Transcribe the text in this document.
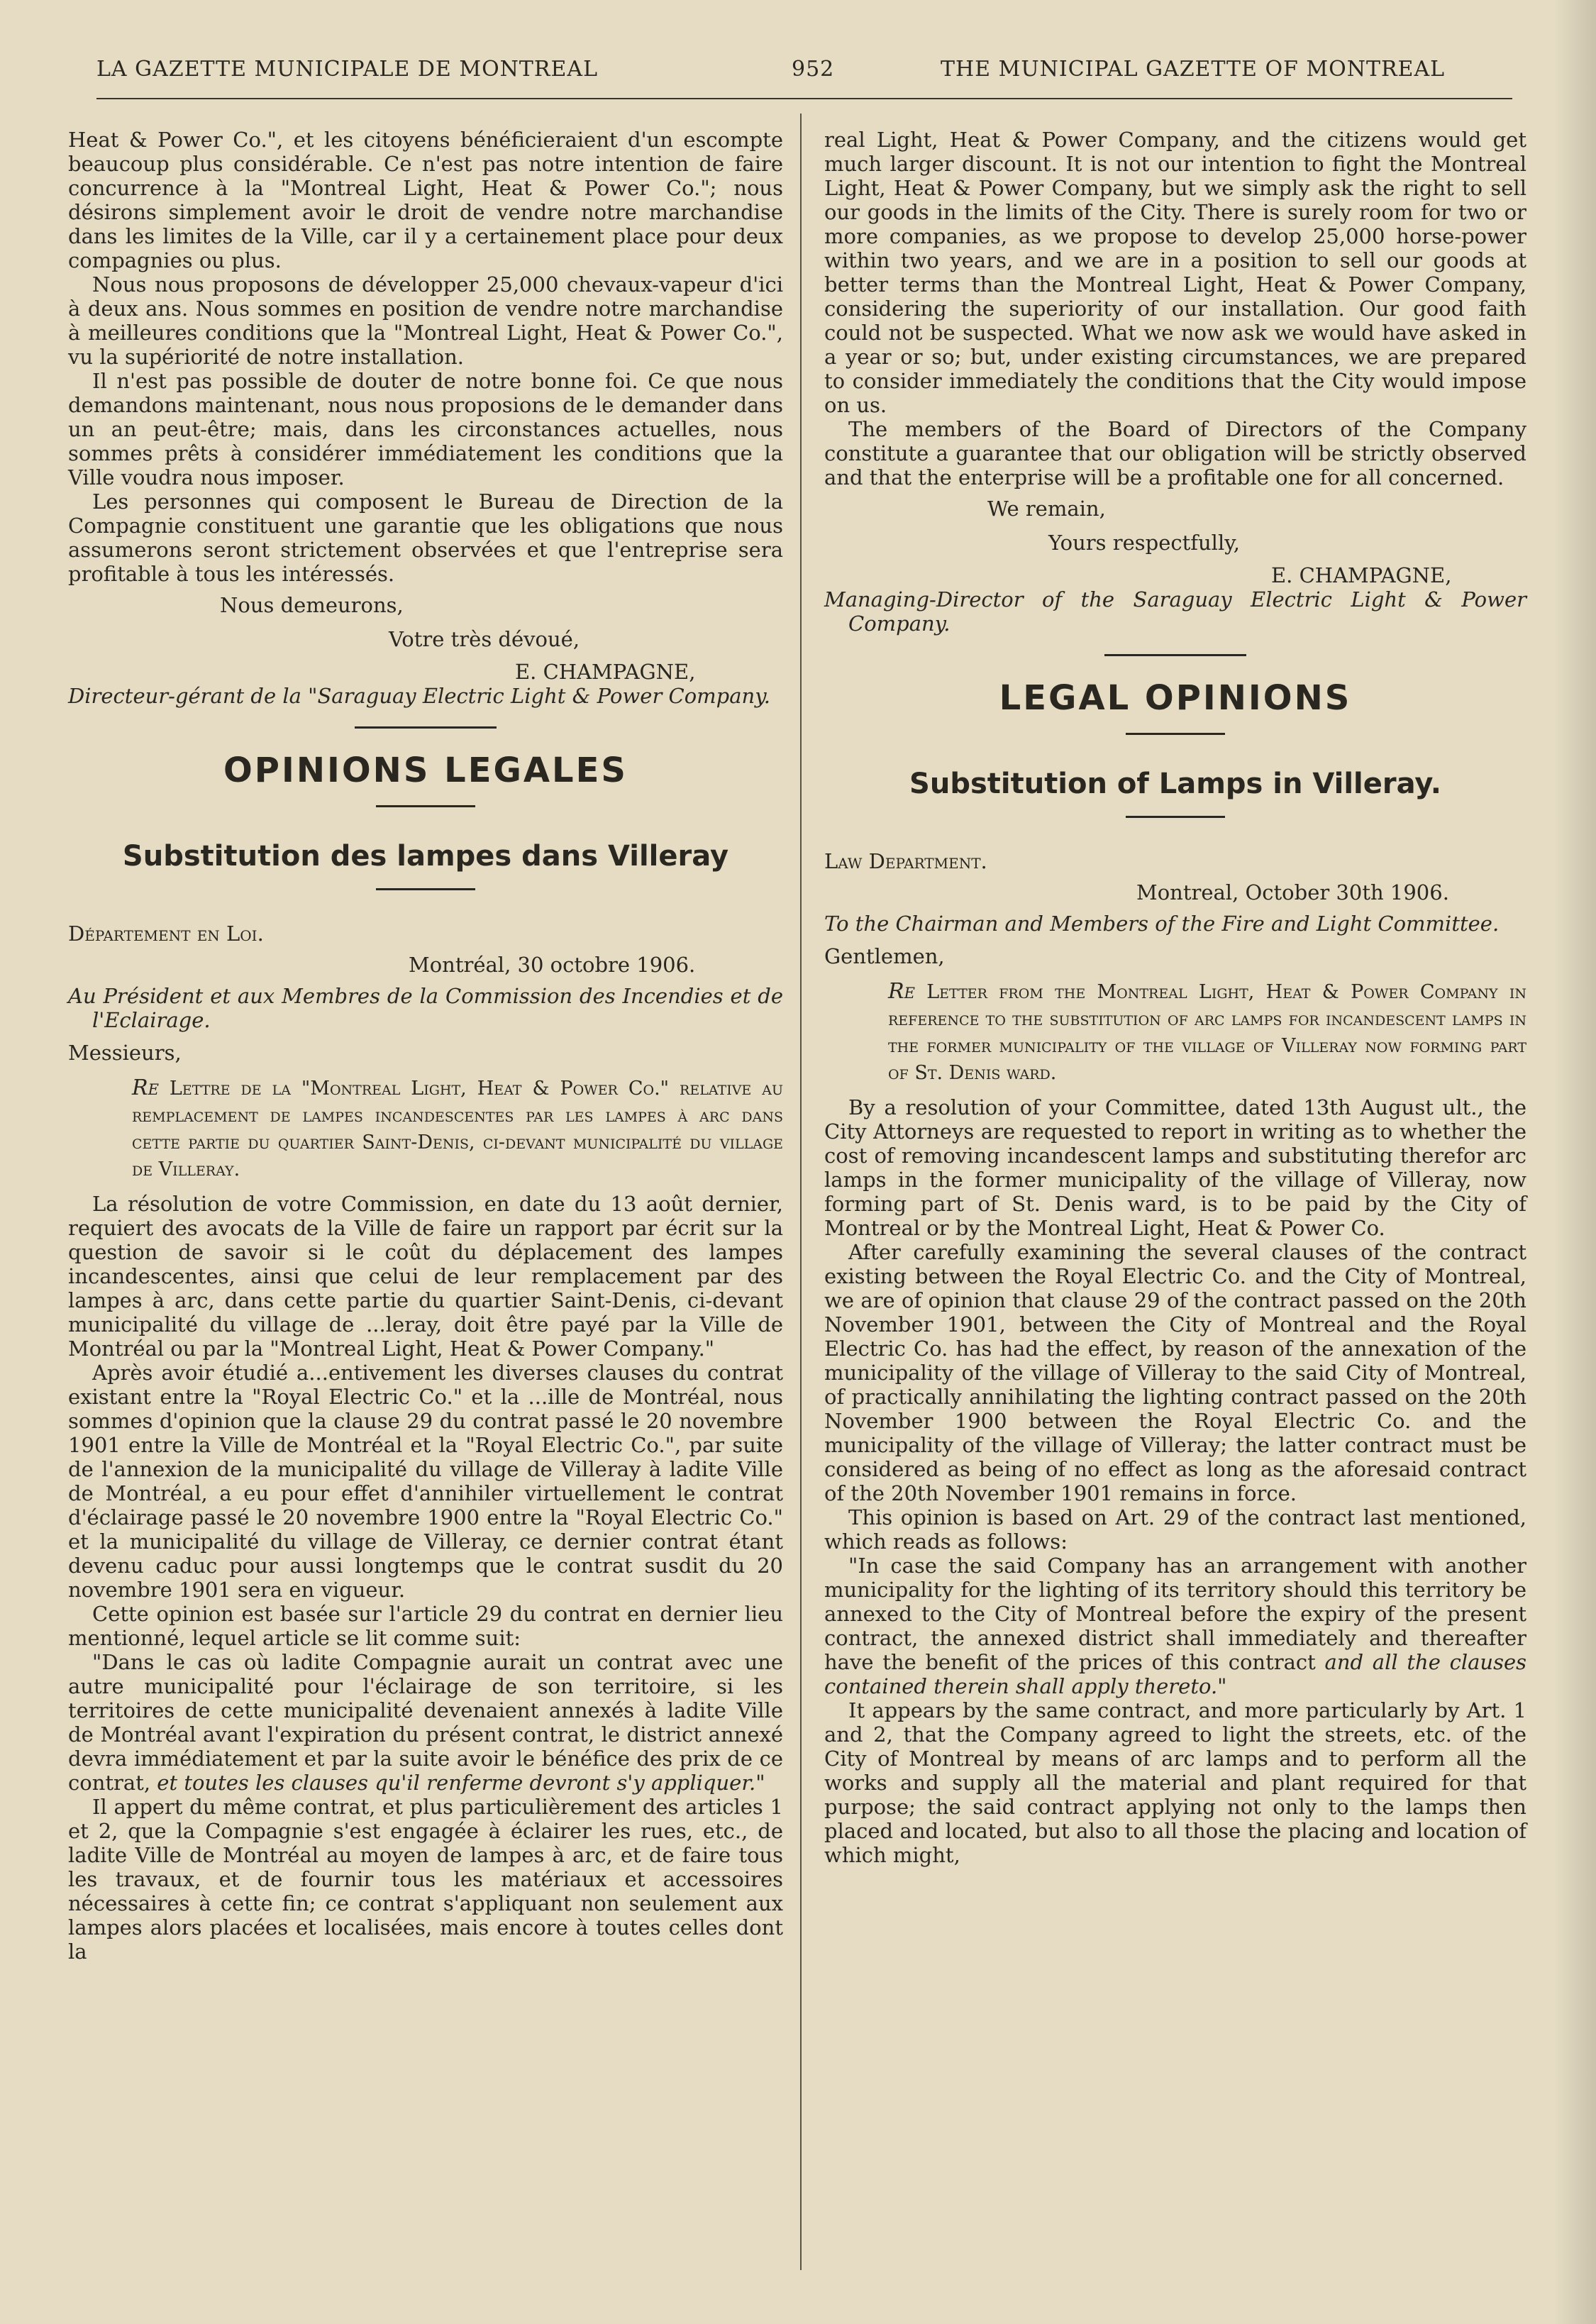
LA GAZETTE MUNICIPALE DE MONTREAL	952	THE MUNICIPAL GAZETTE OF MONTREAL

Heat & Power Co.", et les citoyens bénéficieraient d'un escompte beaucoup plus considérable. Ce n'est pas notre intention de faire concurrence à la "Montreal Light, Heat & Power Co."; nous désirons simplement avoir le droit de vendre notre marchandise dans les limites de la Ville, car il y a certainement place pour deux compagnies ou plus.

Nous nous proposons de développer 25,000 chevaux-vapeur d'ici à deux ans. Nous sommes en position de vendre notre marchandise à meilleures conditions que la "Montreal Light, Heat & Power Co.", vu la supériorité de notre installation.

Il n'est pas possible de douter de notre bonne foi. Ce que nous demandons maintenant, nous nous proposions de le demander dans un an peut-être; mais, dans les circonstances actuelles, nous sommes prêts à considérer immédiatement les conditions que la Ville voudra nous imposer.

Les personnes qui composent le Bureau de Direction de la Compagnie constituent une garantie que les obligations que nous assumerons seront strictement observées et que l'entreprise sera profitable à tous les intéressés.

Nous demeurons,

Votre très dévoué,

E. CHAMPAGNE,

Directeur-gérant de la "Saraguay Electric Light & Power Company.

OPINIONS LEGALES

Substitution des lampes dans Villeray

Département en Loi.

Montréal, 30 octobre 1906.

Au Président et aux Membres de la Commission des Incendies et de l'Eclairage.

Messieurs,

Re Lettre de la "Montreal Light, Heat & Power Co." relative au remplacement de lampes incandescentes par les lampes à arc dans cette partie du quartier Saint-Denis, ci-devant municipalité du village de Villeray.

La résolution de votre Commission, en date du 13 août dernier, requiert des avocats de la Ville de faire un rapport par écrit sur la question de savoir si le coût du déplacement des lampes incandescentes, ainsi que celui de leur remplacement par des lampes à arc, dans cette partie du quartier Saint-Denis, ci-devant municipalité du village de ...leray, doit être payé par la Ville de Montréal ou par la "Montreal Light, Heat & Power Company."

Après avoir étudié a...entivement les diverses clauses du contrat existant entre la "Royal Electric Co." et la ...ille de Montréal, nous sommes d'opinion que la clause 29 du contrat passé le 20 novembre 1901 entre la Ville de Montréal et la "Royal Electric Co.", par suite de l'annexion de la municipalité du village de Villeray à ladite Ville de Montréal, a eu pour effet d'annihiler virtuellement le contrat d'éclairage passé le 20 novembre 1900 entre la "Royal Electric Co." et la municipalité du village de Villeray, ce dernier contrat étant devenu caduc pour aussi longtemps que le contrat susdit du 20 novembre 1901 sera en vigueur.

Cette opinion est basée sur l'article 29 du contrat en dernier lieu mentionné, lequel article se lit comme suit:

"Dans le cas où ladite Compagnie aurait un contrat avec une autre municipalité pour l'éclairage de son territoire, si les territoires de cette municipalité devenaient annexés à ladite Ville de Montréal avant l'expiration du présent contrat, le district annexé devra immédiatement et par la suite avoir le bénéfice des prix de ce contrat, et toutes les clauses qu'il renferme devront s'y appliquer."

Il appert du même contrat, et plus particulièrement des articles 1 et 2, que la Compagnie s'est engagée à éclairer les rues, etc., de ladite Ville de Montréal au moyen de lampes à arc, et de faire tous les travaux, et de fournir tous les matériaux et accessoires nécessaires à cette fin; ce contrat s'appliquant non seulement aux lampes alors placées et localisées, mais encore à toutes celles dont la

real Light, Heat & Power Company, and the citizens would get much larger discount. It is not our intention to fight the Montreal Light, Heat & Power Company, but we simply ask the right to sell our goods in the limits of the City. There is surely room for two or more companies, as we propose to develop 25,000 horse-power within two years, and we are in a position to sell our goods at better terms than the Montreal Light, Heat & Power Company, considering the superiority of our installation. Our good faith could not be suspected. What we now ask we would have asked in a year or so; but, under existing circumstances, we are prepared to consider immediately the conditions that the City would impose on us.

The members of the Board of Directors of the Company constitute a guarantee that our obligation will be strictly observed and that the enterprise will be a profitable one for all concerned.

We remain,

Yours respectfully,

E. CHAMPAGNE,

Managing-Director of the Saraguay Electric Light & Power Company.

LEGAL OPINIONS

Substitution of Lamps in Villeray.

Law Department.

Montreal, October 30th 1906.

To the Chairman and Members of the Fire and Light Committee.

Gentlemen,

Re Letter from the Montreal Light, Heat & Power Company in reference to the substitution of arc lamps for incandescent lamps in the former municipality of the village of Villeray now forming part of St. Denis ward.

By a resolution of your Committee, dated 13th August ult., the City Attorneys are requested to report in writing as to whether the cost of removing incandescent lamps and substituting therefor arc lamps in the former municipality of the village of Villeray, now forming part of St. Denis ward, is to be paid by the City of Montreal or by the Montreal Light, Heat & Power Co.

After carefully examining the several clauses of the contract existing between the Royal Electric Co. and the City of Montreal, we are of opinion that clause 29 of the contract passed on the 20th November 1901, between the City of Montreal and the Royal Electric Co. has had the effect, by reason of the annexation of the municipality of the village of Villeray to the said City of Montreal, of practically annihilating the lighting contract passed on the 20th November 1900 between the Royal Electric Co. and the municipality of the village of Villeray; the latter contract must be considered as being of no effect as long as the aforesaid contract of the 20th November 1901 remains in force.

This opinion is based on Art. 29 of the contract last mentioned, which reads as follows:

"In case the said Company has an arrangement with another municipality for the lighting of its territory should this territory be annexed to the City of Montreal before the expiry of the present contract, the annexed district shall immediately and thereafter have the benefit of the prices of this contract and all the clauses contained therein shall apply thereto."

It appears by the same contract, and more particularly by Art. 1 and 2, that the Company agreed to light the streets, etc. of the City of Montreal by means of arc lamps and to perform all the works and supply all the material and plant required for that purpose; the said contract applying not only to the lamps then placed and located, but also to all those the placing and location of which might,
